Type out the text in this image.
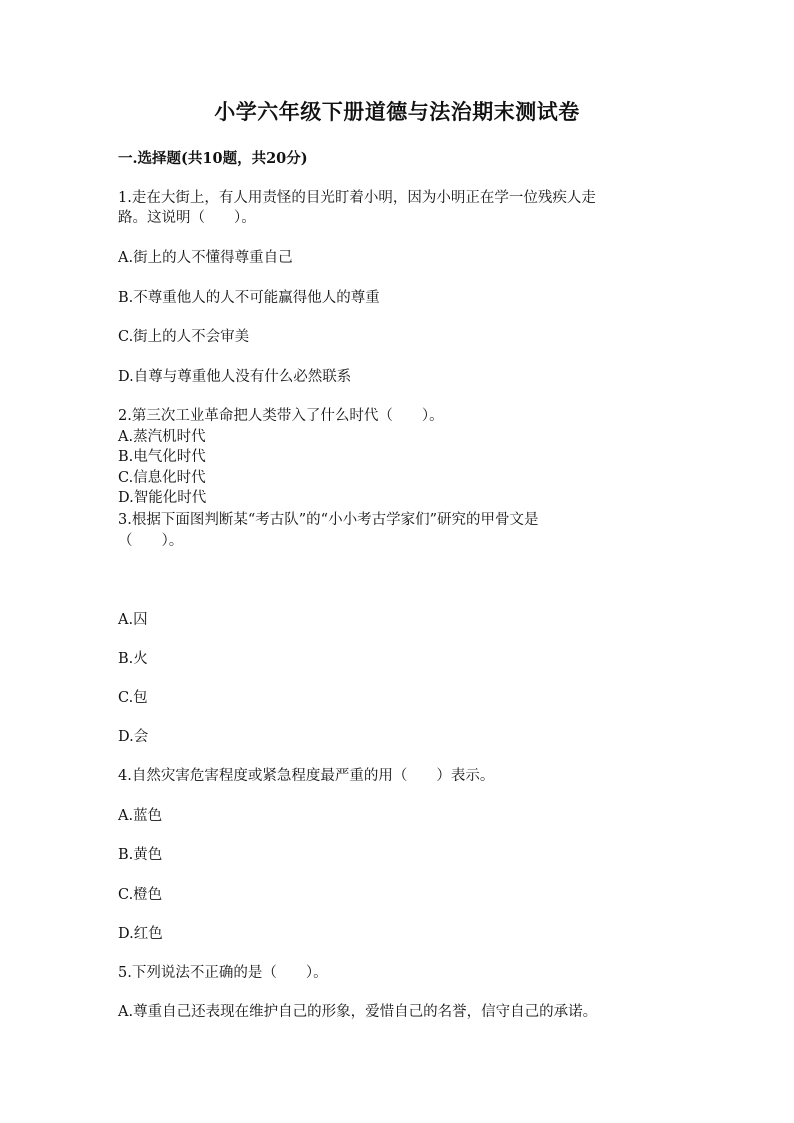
小学六年级下册道德与法治期末测试卷
一.选择题(共10题，共20分)
1.走在大街上，有人用责怪的目光盯着小明，因为小明正在学一位残疾人走
路。这说明（　　）。
A.街上的人不懂得尊重自己
B.不尊重他人的人不可能赢得他人的尊重
C.街上的人不会审美
D.自尊与尊重他人没有什么必然联系
2.第三次工业革命把人类带入了什么时代（　　）。
A.蒸汽机时代
B.电气化时代
C.信息化时代
D.智能化时代
3.根据下面图判断某“考古队”的“小小考古学家们”研究的甲骨文是
（　　）。
A.囚
B.火
C.包
D.会
4.自然灾害危害程度或紧急程度最严重的用（　　）表示。
A.蓝色
B.黄色
C.橙色
D.红色
5.下列说法不正确的是（　　）。
A.尊重自己还表现在维护自己的形象，爱惜自己的名誉，信守自己的承诺。
